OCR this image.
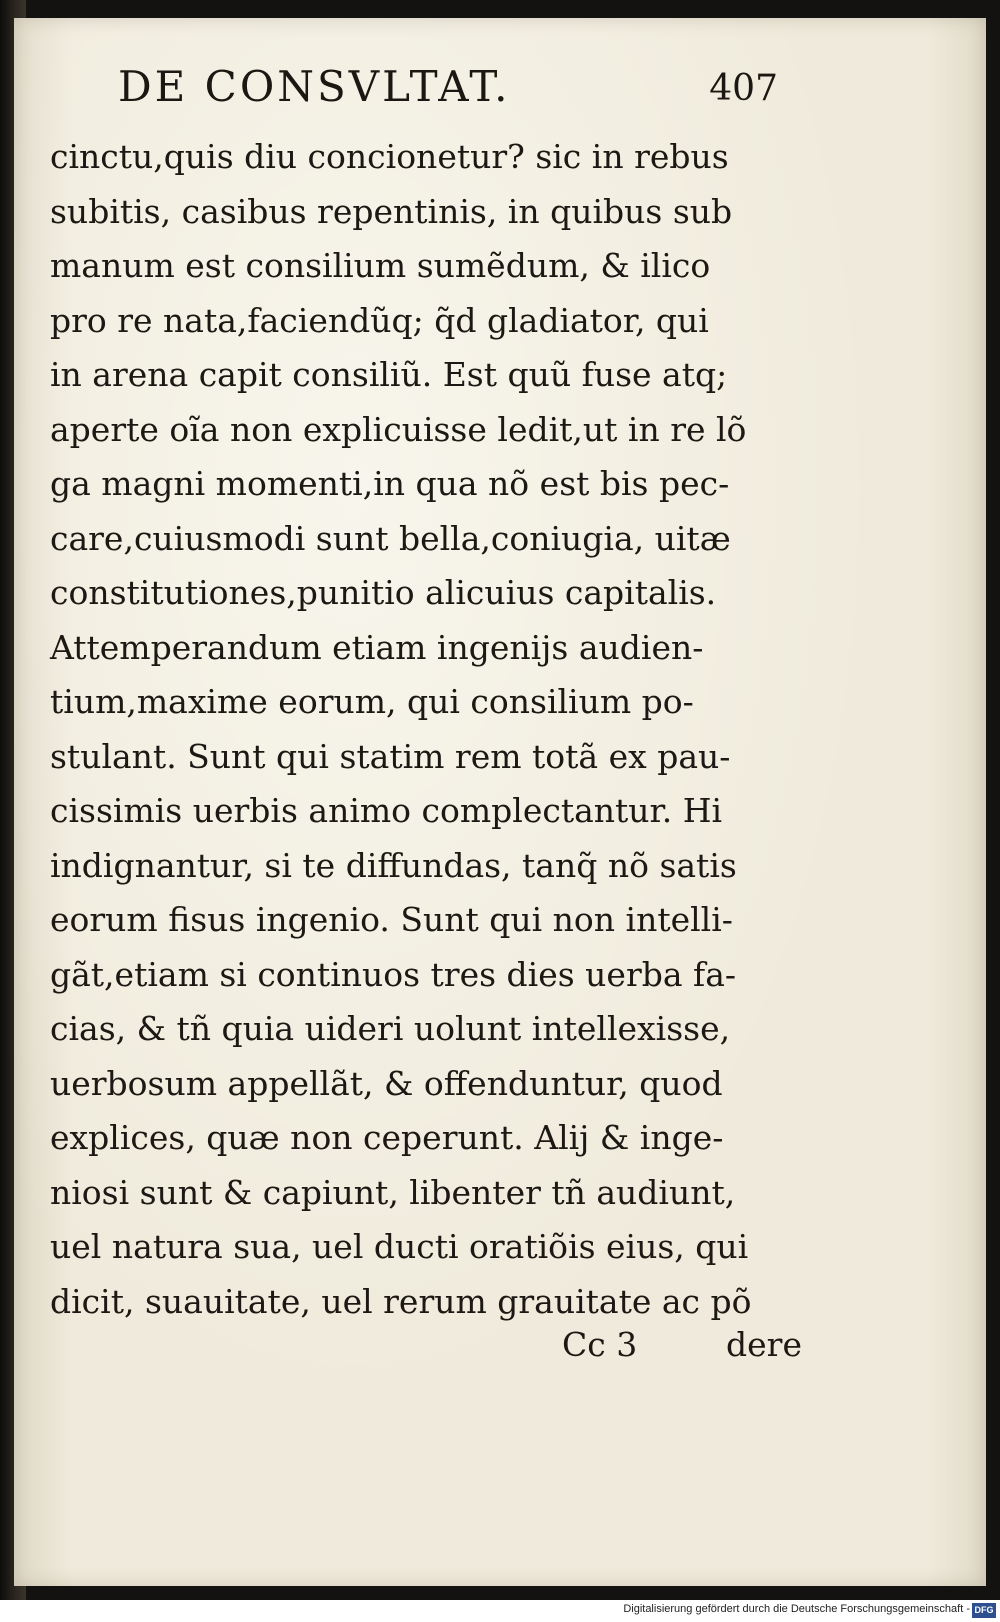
DE CONSVLTAT.	407
cinctu,quis diu concionetur? sic in rebus
subitis, casibus repentinis, in quibus sub
manum est consilium sumẽdum, & ilico
pro re nata,faciendũq; q̃d gladiator, qui
in arena capit consiliũ. Est quũ fuse atq;
aperte oĩa non explicuisse ledit,ut in re lõ
ga magni momenti,in qua nõ est bis pec-
care,cuiusmodi sunt bella,coniugia, uitæ
constitutiones,punitio alicuius capitalis.
Attemperandum etiam ingenijs audien-
tium,maxime eorum, qui consilium po-
stulant. Sunt qui statim rem totã ex pau-
cissimis uerbis animo complectantur. Hi
indignantur, si te diffundas, tanq̃ nõ satis
eorum fisus ingenio. Sunt qui non intelli-
gãt,etiam si continuos tres dies uerba fa-
cias, & tñ quia uideri uolunt intellexisse,
uerbosum appellãt, & offenduntur, quod
explices, quæ non ceperunt. Alij & inge-
niosi sunt & capiunt, libenter tñ audiunt,
uel natura sua, uel ducti oratiõis eius, qui
dicit, suauitate, uel rerum grauitate ac põ
Cc 3	dere
Digitalisierung gefördert durch die Deutsche Forschungsgemeinschaft - DFG
